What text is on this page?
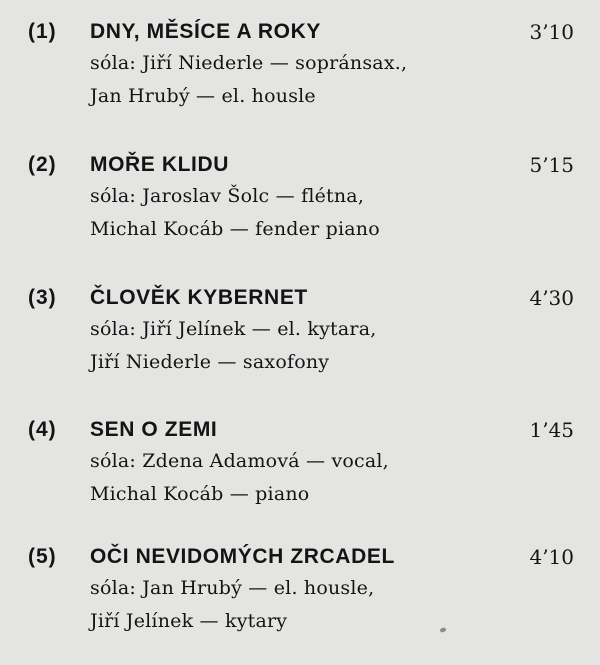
(1) DNY, MĚSÍCE A ROKY	3’10
sóla: Jiří Niederle — sopránsax.,
Jan Hrubý — el. housle
(2) MOŘE KLIDU	5’15
sóla: Jaroslav Šolc — flétna,
Michal Kocáb — fender piano
(3) ČLOVĚK KYBERNET	4’30
sóla: Jiří Jelínek — el. kytara,
Jiří Niederle — saxofony
(4) SEN O ZEMI	1’45
sóla: Zdena Adamová — vocal,
Michal Kocáb — piano
(5) OČI NEVIDOMÝCH ZRCADEL	4’10
sóla: Jan Hrubý — el. housle,
Jiří Jelínek — kytary
